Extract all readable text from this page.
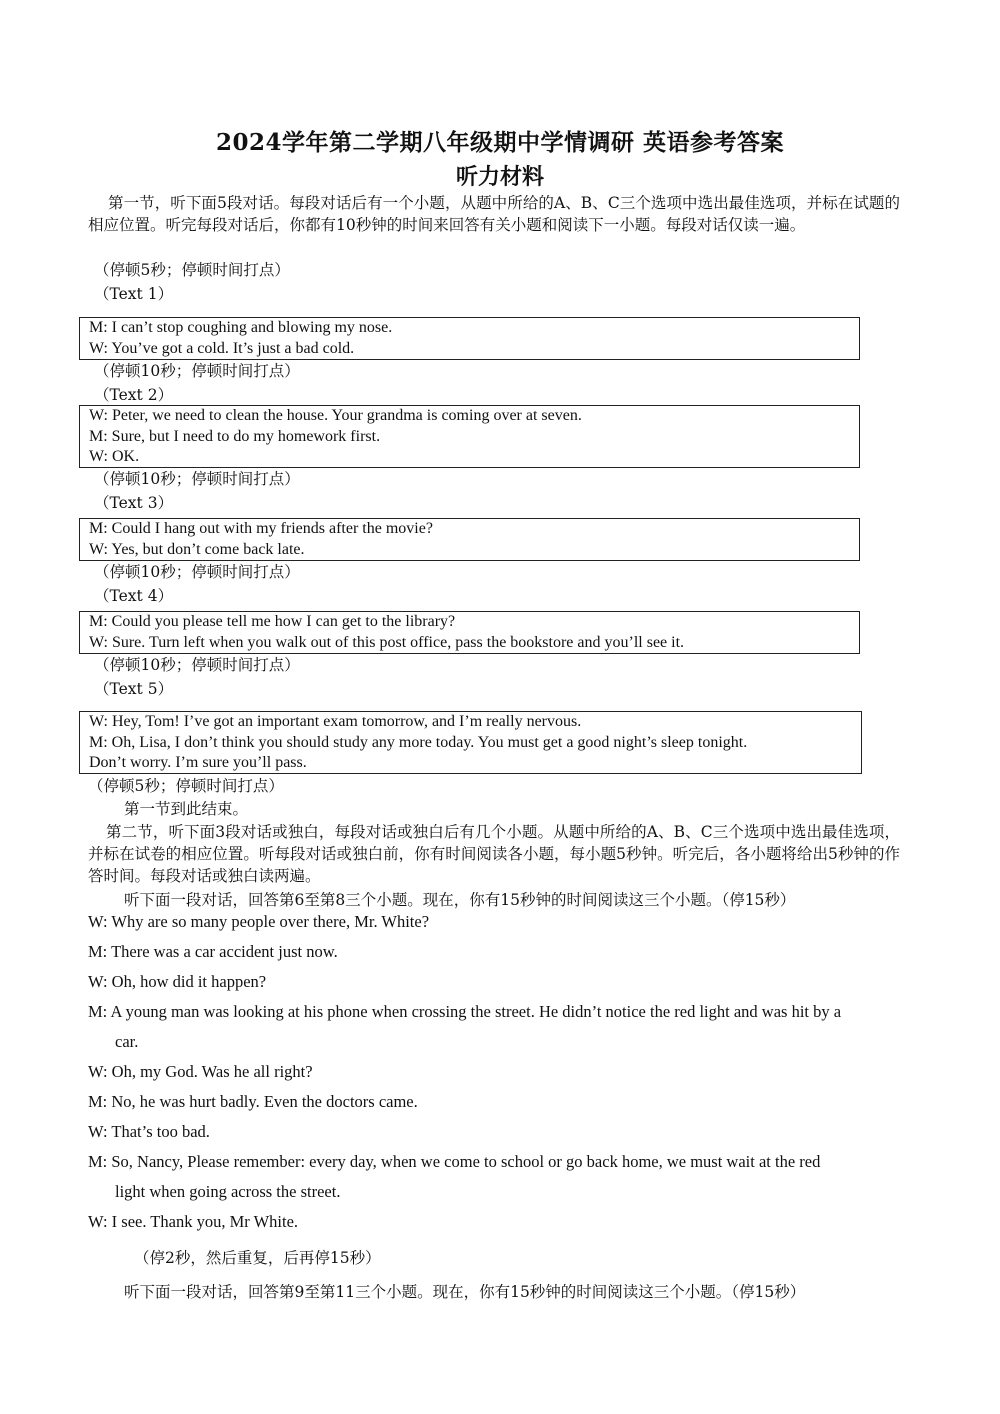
2024学年第二学期八年级期中学情调研 英语参考答案
听力材料
第一节，听下面5段对话。每段对话后有一个小题，从题中所给的A、B、C三个选项中选出最佳选项，并标在试题的相应位置。听完每段对话后，你都有10秒钟的时间来回答有关小题和阅读下一小题。每段对话仅读一遍。
（停顿5秒；停顿时间打点）
（Text 1）
M: I can’t stop coughing and blowing my nose.
W: You’ve got a cold. It’s just a bad cold.
（停顿10秒；停顿时间打点）
（Text 2）
W: Peter, we need to clean the house. Your grandma is coming over at seven.
M: Sure, but I need to do my homework first.
W: OK.
（停顿10秒；停顿时间打点）
（Text 3）
M: Could I hang out with my friends after the movie?
W: Yes, but don’t come back late.
（停顿10秒；停顿时间打点）
（Text 4）
M: Could you please tell me how I can get to the library?
W: Sure. Turn left when you walk out of this post office, pass the bookstore and you’ll see it.
（停顿10秒；停顿时间打点）
（Text 5）
W: Hey, Tom! I’ve got an important exam tomorrow, and I’m really nervous.
M: Oh, Lisa, I don’t think you should study any more today. You must get a good night’s sleep tonight.
Don’t worry. I’m sure you’ll pass.
（停顿5秒；停顿时间打点）
第一节到此结束。
第二节，听下面3段对话或独白，每段对话或独白后有几个小题。从题中所给的A、B、C三个选项中选出最佳选项，并标在试卷的相应位置。听每段对话或独白前，你有时间阅读各小题，每小题5秒钟。听完后，各小题将给出5秒钟的作答时间。每段对话或独白读两遍。
听下面一段对话，回答第6至第8三个小题。现在，你有15秒钟的时间阅读这三个小题。（停15秒）
W: Why are so many people over there, Mr. White?
M: There was a car accident just now.
W: Oh, how did it happen?
M: A young man was looking at his phone when crossing the street. He didn’t notice the red light and was hit by a
car.
W: Oh, my God. Was he all right?
M: No, he was hurt badly. Even the doctors came.
W: That’s too bad.
M: So, Nancy, Please remember: every day, when we come to school or go back home, we must wait at the red
light when going across the street.
W: I see. Thank you, Mr White.
（停2秒，然后重复，后再停15秒）
听下面一段对话，回答第9至第11三个小题。现在，你有15秒钟的时间阅读这三个小题。（停15秒）
